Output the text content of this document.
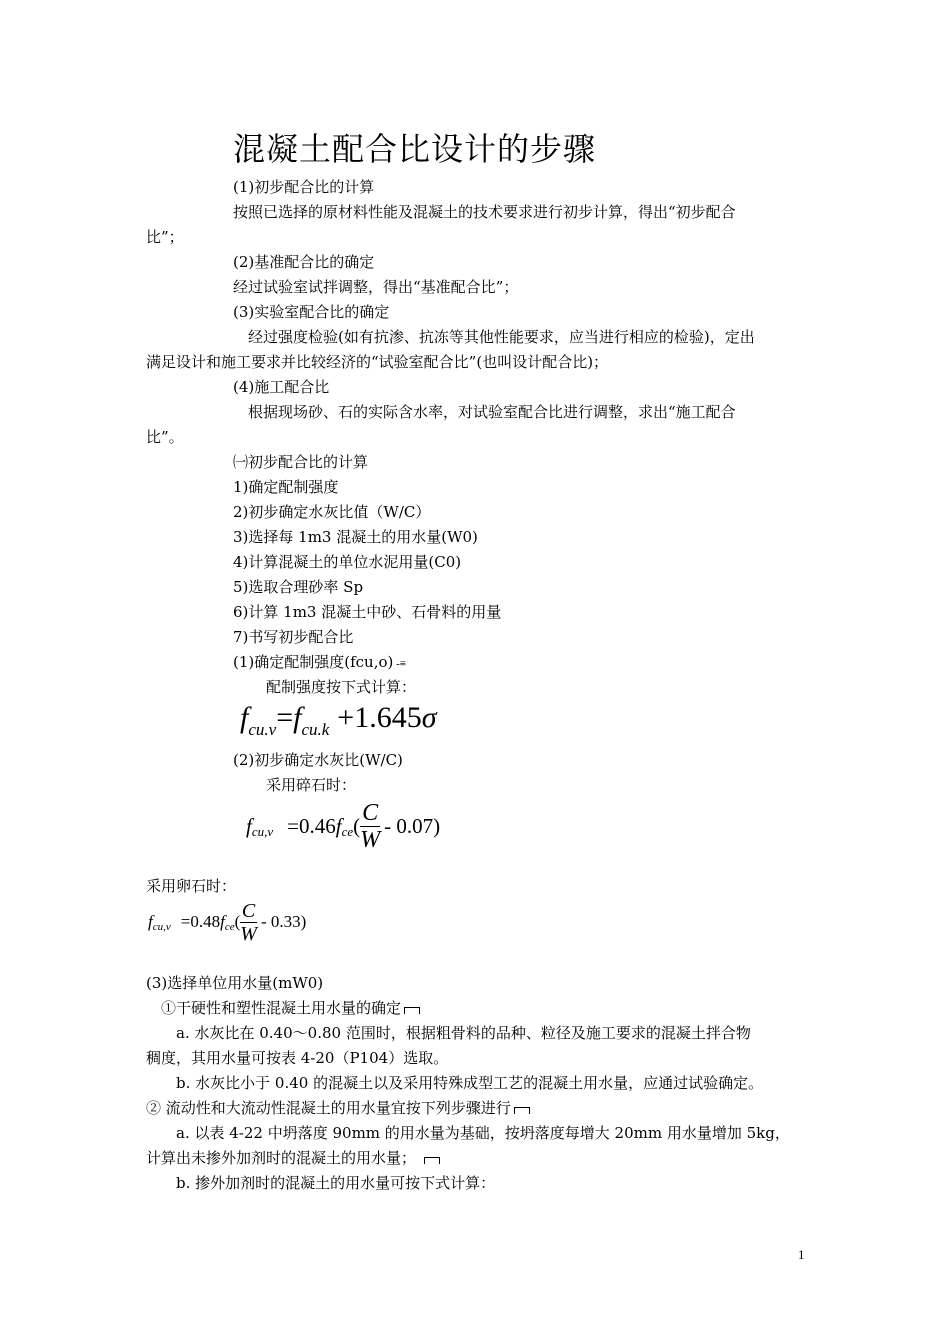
混凝土配合比设计的步骤
(1)初步配合比的计算
按照已选择的原材料性能及混凝土的技术要求进行初步计算，得出“初步配合
比”；
(2)基准配合比的确定
经过试验室试拌调整，得出“基准配合比”；
(3)实验室配合比的确定
经过强度检验(如有抗渗、抗冻等其他性能要求，应当进行相应的检验)，定出
满足设计和施工要求并比较经济的“试验室配合比”(也叫设计配合比)；
(4)施工配合比
根据现场砂、石的实际含水率，对试验室配合比进行调整，求出“施工配合
比”。
㈠初步配合比的计算
1)确定配制强度
2)初步确定水灰比值（W/C）
3)选择每 1m3 混凝土的用水量(W0)
4)计算混凝土的单位水泥用量(C0)
5)选取合理砂率 Sp
6)计算 1m3 混凝土中砂、石骨料的用量
7)书写初步配合比
(1)确定配制强度(fcu,o) -≡
配制强度按下式计算：
$f_{cu.v}=f_{cu.k} +1.645\sigma$
(2)初步确定水灰比(W/C)
采用碎石时：
f cu,v =0.46 f ce ( $\frac{C}{W} - 0.07$)
采用卵石时：
f cu,v =0.48 f ce ( $\frac{C}{W} - 0.33$)
(3)选择单位用水量(mW0)
①干硬性和塑性混凝土用水量的确定
a. 水灰比在 0.40～0.80 范围时，根据粗骨料的品种、粒径及施工要求的混凝土拌合物
稠度，其用水量可按表 4-20（P104）选取。
b. 水灰比小于 0.40 的混凝土以及采用特殊成型工艺的混凝土用水量，应通过试验确定。
② 流动性和大流动性混凝土的用水量宜按下列步骤进行
a. 以表 4-22 中坍落度 90mm 的用水量为基础，按坍落度每增大 20mm 用水量增加 5kg，
计算出未掺外加剂时的混凝土的用水量；
b. 掺外加剂时的混凝土的用水量可按下式计算：
1
